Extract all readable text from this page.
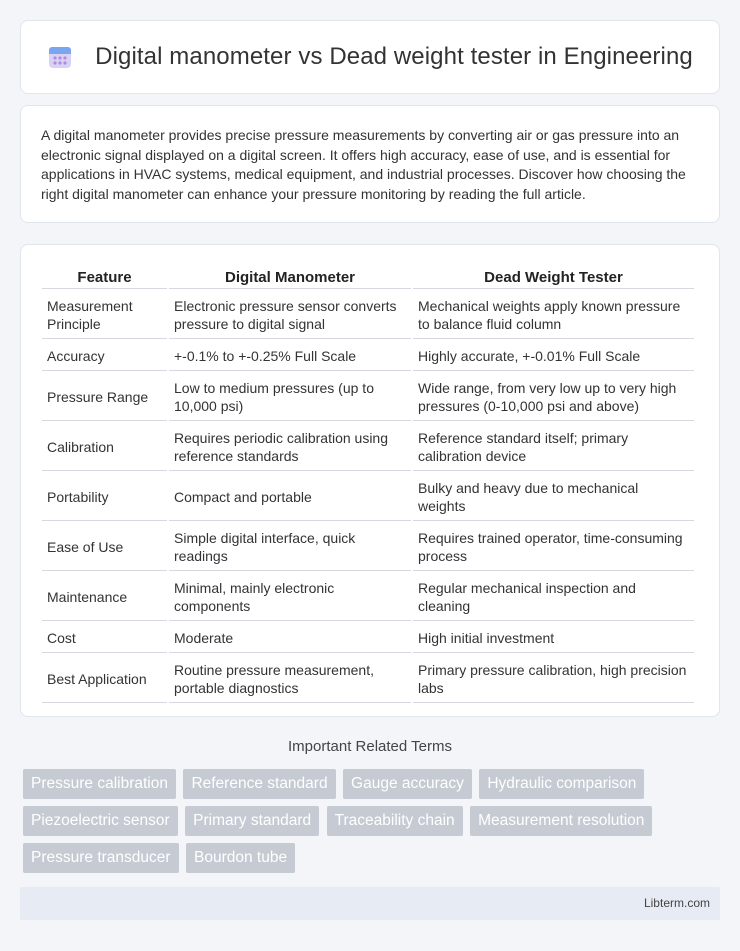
Digital manometer vs Dead weight tester in Engineering

A digital manometer provides precise pressure measurements by converting air or gas pressure into an electronic signal displayed on a digital screen. It offers high accuracy, ease of use, and is essential for applications in HVAC systems, medical equipment, and industrial processes. Discover how choosing the right digital manometer can enhance your pressure monitoring by reading the full article.

Feature	Digital Manometer	Dead Weight Tester
Measurement Principle	Electronic pressure sensor converts pressure to digital signal	Mechanical weights apply known pressure to balance fluid column
Accuracy	+-0.1% to +-0.25% Full Scale	Highly accurate, +-0.01% Full Scale
Pressure Range	Low to medium pressures (up to 10,000 psi)	Wide range, from very low up to very high pressures (0-10,000 psi and above)
Calibration	Requires periodic calibration using reference standards	Reference standard itself; primary calibration device
Portability	Compact and portable	Bulky and heavy due to mechanical weights
Ease of Use	Simple digital interface, quick readings	Requires trained operator, time-consuming process
Maintenance	Minimal, mainly electronic components	Regular mechanical inspection and cleaning
Cost	Moderate	High initial investment
Best Application	Routine pressure measurement, portable diagnostics	Primary pressure calibration, high precision labs
Important Related Terms
Pressure calibration Reference standard Gauge accuracy Hydraulic comparison Piezoelectric sensor Primary standard Traceability chain Measurement resolution Pressure transducer Bourdon tube
Libterm.com
